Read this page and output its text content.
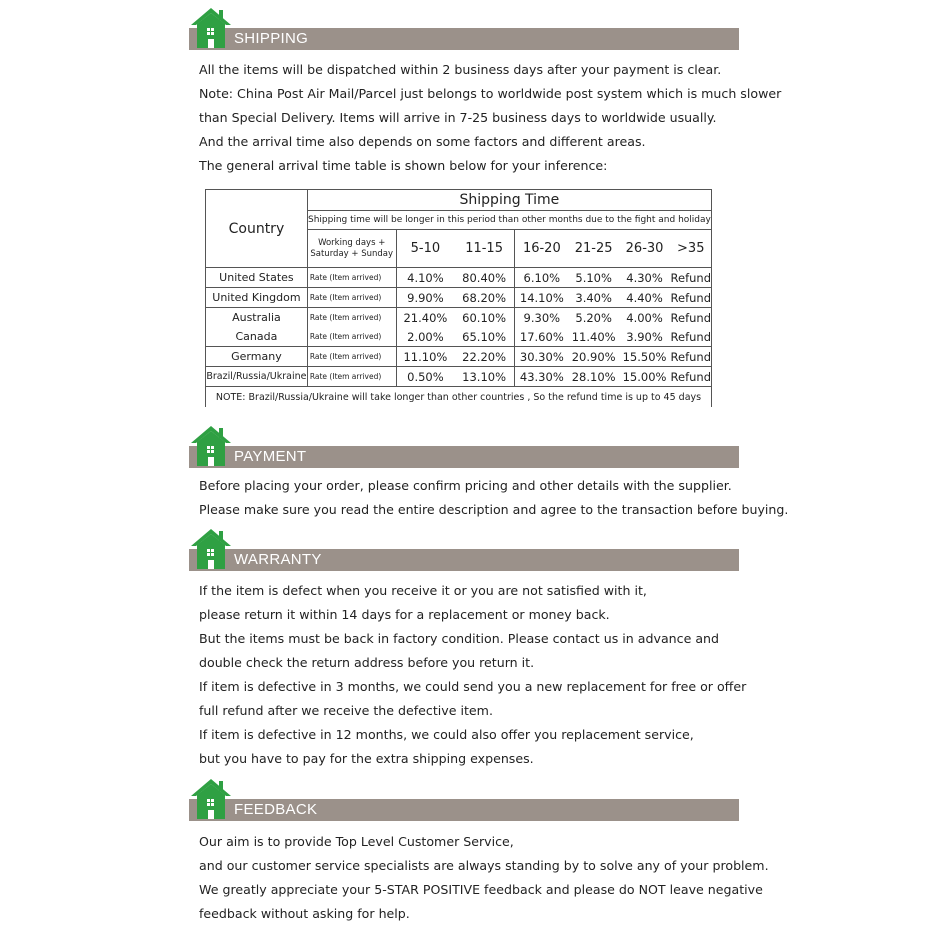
SHIPPING
All the items will be dispatched within 2 business days after your payment is clear.
Note: China Post Air Mail/Parcel just belongs to worldwide post system which is much slower
than Special Delivery. Items will arrive in 7-25 business days to worldwide usually.
And the arrival time also depends on some factors and different areas.
The general arrival time table is shown below for your inference:
Country	Shipping Time						
	Shipping time will be longer in this period than other months due to the fight and holiday						
	Working days + Saturday + Sunday	5-10	11-15	16-20	21-25	26-30	>35
United States	Rate (Item arrived)	4.10%	80.40%	6.10%	5.10%	4.30%	Refund
United Kingdom	Rate (Item arrived)	9.90%	68.20%	14.10%	3.40%	4.40%	Refund
Australia	Rate (Item arrived)	21.40%	60.10%	9.30%	5.20%	4.00%	Refund
Canada	Rate (Item arrived)	2.00%	65.10%	17.60%	11.40%	3.90%	Refund
Germany	Rate (Item arrived)	11.10%	22.20%	30.30%	20.90%	15.50%	Refund
Brazil/Russia/Ukraine	Rate (Item arrived)	0.50%	13.10%	43.30%	28.10%	15.00%	Refund
NOTE: Brazil/Russia/Ukraine will take longer than other countries , So the refund time is up to 45 days							
PAYMENT
Before placing your order, please confirm pricing and other details with the supplier.
Please make sure you read the entire description and agree to the transaction before buying.
WARRANTY
If the item is defect when you receive it or you are not satisfied with it,
please return it within 14 days for a replacement or money back.
But the items must be back in factory condition. Please contact us in advance and
double check the return address before you return it.
If item is defective in 3 months, we could send you a new replacement for free or offer
full refund after we receive the defective item.
If item is defective in 12 months, we could also offer you replacement service,
but you have to pay for the extra shipping expenses.
FEEDBACK
Our aim is to provide Top Level Customer Service,
and our customer service specialists are always standing by to solve any of your problem.
We greatly appreciate your 5-STAR POSITIVE feedback and please do NOT leave negative
feedback without asking for help.
